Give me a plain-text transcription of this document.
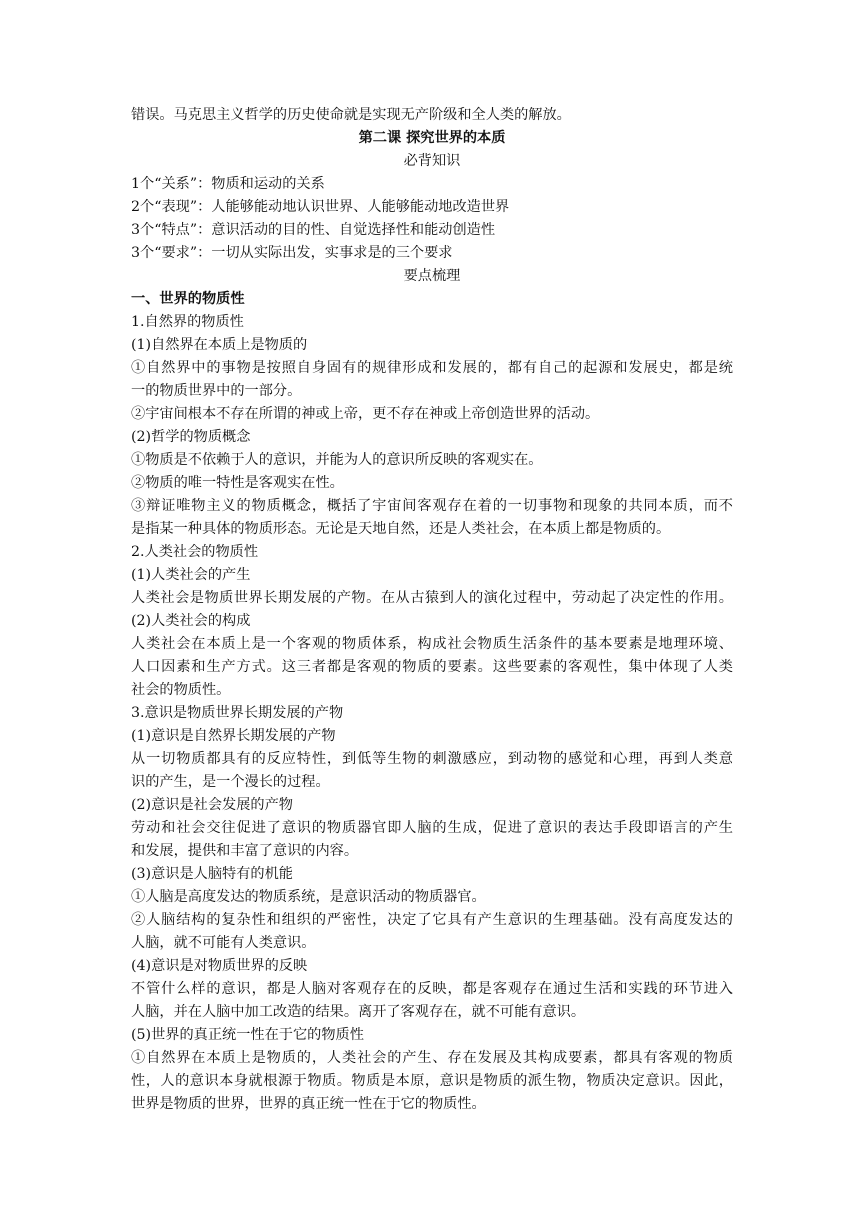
错误。马克思主义哲学的历史使命就是实现无产阶级和全人类的解放。
第二课 探究世界的本质
必背知识
1个“关系”：物质和运动的关系
2个“表现”：人能够能动地认识世界、人能够能动地改造世界
3个“特点”：意识活动的目的性、自觉选择性和能动创造性
3个“要求”：一切从实际出发，实事求是的三个要求
要点梳理
一、世界的物质性
1.自然界的物质性
(1)自然界在本质上是物质的
①自然界中的事物是按照自身固有的规律形成和发展的，都有自己的起源和发展史，都是统
一的物质世界中的一部分。
②宇宙间根本不存在所谓的神或上帝，更不存在神或上帝创造世界的活动。
(2)哲学的物质概念
①物质是不依赖于人的意识，并能为人的意识所反映的客观实在。
②物质的唯一特性是客观实在性。
③辩证唯物主义的物质概念，概括了宇宙间客观存在着的一切事物和现象的共同本质，而不
是指某一种具体的物质形态。无论是天地自然，还是人类社会，在本质上都是物质的。
2.人类社会的物质性
(1)人类社会的产生
人类社会是物质世界长期发展的产物。在从古猿到人的演化过程中，劳动起了决定性的作用。
(2)人类社会的构成
人类社会在本质上是一个客观的物质体系，构成社会物质生活条件的基本要素是地理环境、
人口因素和生产方式。这三者都是客观的物质的要素。这些要素的客观性，集中体现了人类
社会的物质性。
3.意识是物质世界长期发展的产物
(1)意识是自然界长期发展的产物
从一切物质都具有的反应特性，到低等生物的刺激感应，到动物的感觉和心理，再到人类意
识的产生，是一个漫长的过程。
(2)意识是社会发展的产物
劳动和社会交往促进了意识的物质器官即人脑的生成，促进了意识的表达手段即语言的产生
和发展，提供和丰富了意识的内容。
(3)意识是人脑特有的机能
①人脑是高度发达的物质系统，是意识活动的物质器官。
②人脑结构的复杂性和组织的严密性，决定了它具有产生意识的生理基础。没有高度发达的
人脑，就不可能有人类意识。
(4)意识是对物质世界的反映
不管什么样的意识，都是人脑对客观存在的反映，都是客观存在通过生活和实践的环节进入
人脑，并在人脑中加工改造的结果。离开了客观存在，就不可能有意识。
(5)世界的真正统一性在于它的物质性
①自然界在本质上是物质的，人类社会的产生、存在发展及其构成要素，都具有客观的物质
性，人的意识本身就根源于物质。物质是本原，意识是物质的派生物，物质决定意识。因此，
世界是物质的世界，世界的真正统一性在于它的物质性。
